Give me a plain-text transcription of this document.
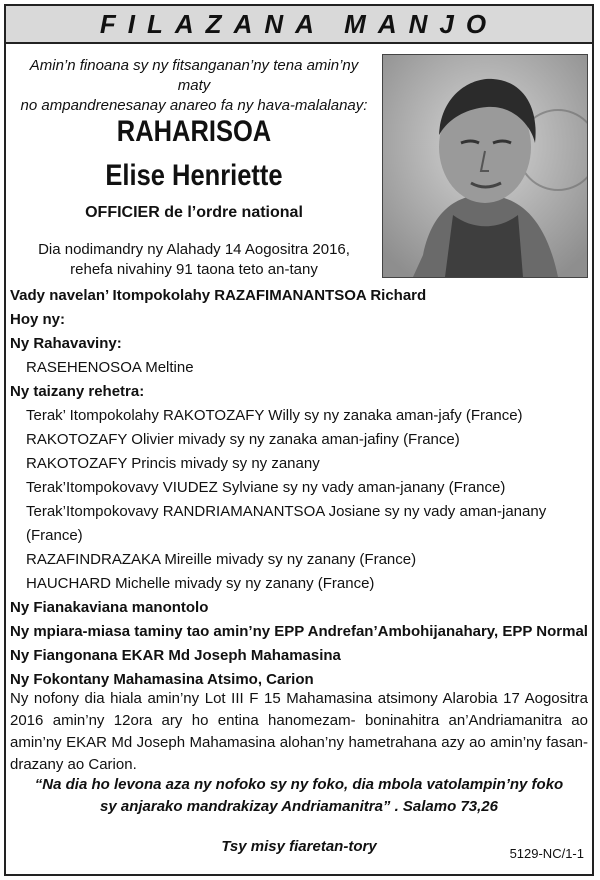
FILAZANA MANJO
Amin’n finoana sy ny fitsanganan’ny tena amin’ny maty
no ampandrenesanay anareo fa ny hava-malalanay:
RAHARISOA
Elise Henriette
OFFICIER de l’ordre national
Dia nodimandry ny Alahady 14 Aogositra 2016,
rehefa nivahiny 91 taona teto an-tany
Vady navelan’ Itompokolahy RAZAFIMANANTSOA Richard
Hoy ny:
Ny Rahavaviny:
RASEHENOSOA Meltine
Ny taizany rehetra:
Terak’ Itompokolahy RAKOTOZAFY Willy sy ny zanaka aman-jafy (France)
RAKOTOZAFY Olivier mivady sy ny zanaka aman-jafiny (France)
RAKOTOZAFY Princis mivady sy ny zanany
Terak’Itompokovavy VIUDEZ Sylviane sy ny vady aman-janany (France)
Terak’Itompokovavy RANDRIAMANANTSOA Josiane sy ny vady aman-janany (France)
RAZAFINDRAZAKA Mireille mivady sy ny zanany (France)
HAUCHARD Michelle mivady sy ny zanany (France)
Ny Fianakaviana manontolo
Ny mpiara-miasa taminy tao amin’ny EPP Andrefan’Ambohijanahary, EPP Normal
Ny Fiangonana EKAR Md Joseph Mahamasina
Ny Fokontany Mahamasina Atsimo, Carion
Ny nofony dia hiala amin’ny Lot III F 15 Mahamasina atsimony Alarobia 17 Aogositra 2016 amin’ny 12ora ary ho entina hanomezam- boninahitra an’Andriamanitra ao amin’ny EKAR Md Joseph Mahamasina alohan’ny hametrahana azy ao amin’ny fasan-drazany ao Carion.
“Na dia ho levona aza ny nofoko sy ny foko, dia mbola vatolampin’ny foko
sy anjarako mandrakizay Andriamanitra” . Salamo 73,26
Tsy misy fiaretan-tory	5129-NC/1-1
